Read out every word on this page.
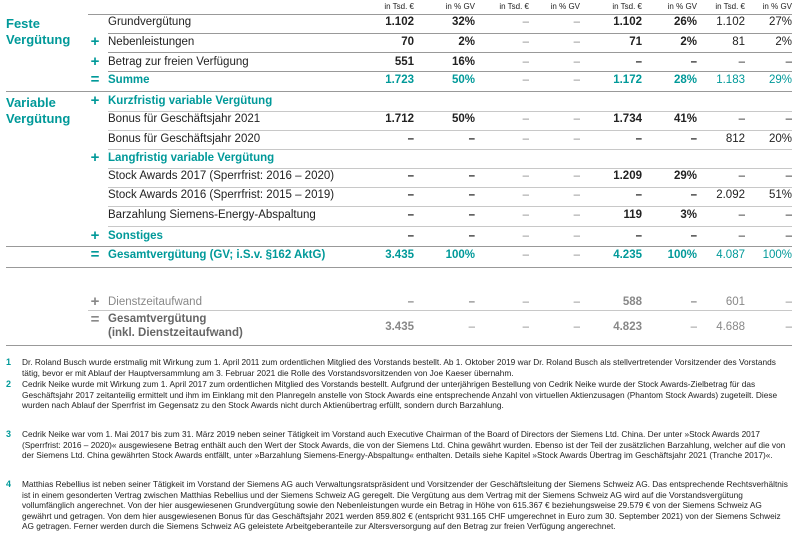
in Tsd. €	in % GV	in Tsd. €	in % GV	in Tsd. €	in % GV in Tsd. € in % GV
Feste
Vergütung
Variable
Vergütung
Grundvergütung	1.102	32%	–	–	1.102	26% 1.102 27%
+ Nebenleistungen	70	2%	–	–	71	2%	81	2%
+ Betrag zur freien Verfügung	551	16%	–	–	–	–	–	–
= Summe	1.723	50%	–	–	1.172	28% 1.183 29%
+ Kurzfristig variable Vergütung
Bonus für Geschäftsjahr 2021	1.712	50%	–	–	1.734	41%	–	–
Bonus für Geschäftsjahr 2020	–	–	–	–	–	–	812 20%
+ Langfristig variable Vergütung
Stock Awards 2017 (Sperrfrist: 2016 – 2020)	–	–	–	–	1.209	29%	–	–
Stock Awards 2016 (Sperrfrist: 2015 – 2019)	–	–	–	–	–	– 2.092 51%
Barzahlung Siemens-Energy-Abspaltung	–	–	–	–	119	3%	–	–
+ Sonstiges	–	–	–	–	–	–	–	–
= Gesamtvergütung (GV; i.S.v. §162 AktG)	3.435	100%	–	–	4.235 100% 4.087 100%
+ Dienstzeitaufwand	–	–	–	–	588	–	601	–
= Gesamtvergütung
(inkl. Dienstzeitaufwand)	3.435	–	–	–	4.823	– 4.688	–
1 Dr. Roland Busch wurde erstmalig mit Wirkung zum 1. April 2011 zum ordentlichen Mitglied des Vorstands bestellt. Ab 1. Oktober 2019 war Dr. Roland Busch als stellvertretender Vorsitzender des Vorstands tätig, bevor er mit Ablauf der Hauptversammlung am 3. Februar 2021 die Rolle des Vorstandsvorsitzenden von Joe Kaeser übernahm.
2 Cedrik Neike wurde mit Wirkung zum 1. April 2017 zum ordentlichen Mitglied des Vorstands bestellt. Aufgrund der unterjährigen Bestellung von Cedrik Neike wurde der Stock Awards-Zielbetrag für das Geschäftsjahr 2017 zeitanteilig ermittelt und ihm im Einklang mit den Planregeln anstelle von Stock Awards eine entsprechende Anzahl von virtuellen Aktienzusagen (Phantom Stock Awards) zugeteilt. Diese wurden nach Ablauf der Sperrfrist im Gegensatz zu den Stock Awards nicht durch Aktienübertrag erfüllt, sondern durch Barzahlung.
3 Cedrik Neike war vom 1. Mai 2017 bis zum 31. März 2019 neben seiner Tätigkeit im Vorstand auch Executive Chairman of the Board of Directors der Siemens Ltd. China. Der unter »Stock Awards 2017 (Sperrfrist: 2016 – 2020)« ausgewiesene Betrag enthält auch den Wert der Stock Awards, die von der Siemens Ltd. China gewährt wurden. Ebenso ist der Teil der zusätzlichen Barzahlung, welcher auf die von der Siemens Ltd. China gewährten Stock Awards entfällt, unter »Barzahlung Siemens-Energy-Abspaltung« enthalten. Details siehe Kapitel »Stock Awards Übertrag im Geschäftsjahr 2021 (Tranche 2017)«.
4 Matthias Rebellius ist neben seiner Tätigkeit im Vorstand der Siemens AG auch Verwaltungsratspräsident und Vorsitzender der Geschäftsleitung der Siemens Schweiz AG. Das entsprechende Rechtsverhältnis ist in einem gesonderten Vertrag zwischen Matthias Rebellius und der Siemens Schweiz AG geregelt. Die Vergütung aus dem Vertrag mit der Siemens Schweiz AG wird auf die Vorstandsvergütung vollumfänglich angerechnet. Von der hier ausgewiesenen Grundvergütung sowie den Nebenleistungen wurde ein Betrag in Höhe von 615.367 € beziehungsweise 29.579 € von der Siemens Schweiz AG gewährt und getragen. Von dem hier ausgewiesenen Bonus für das Geschäftsjahr 2021 werden 859.802 € (entspricht 931.165 CHF umgerechnet in Euro zum 30. September 2021) von der Siemens Schweiz AG getragen. Ferner werden durch die Siemens Schweiz AG geleistete Arbeitgeberanteile zur Altersversorgung auf den Betrag zur freien Verfügung angerechnet.
